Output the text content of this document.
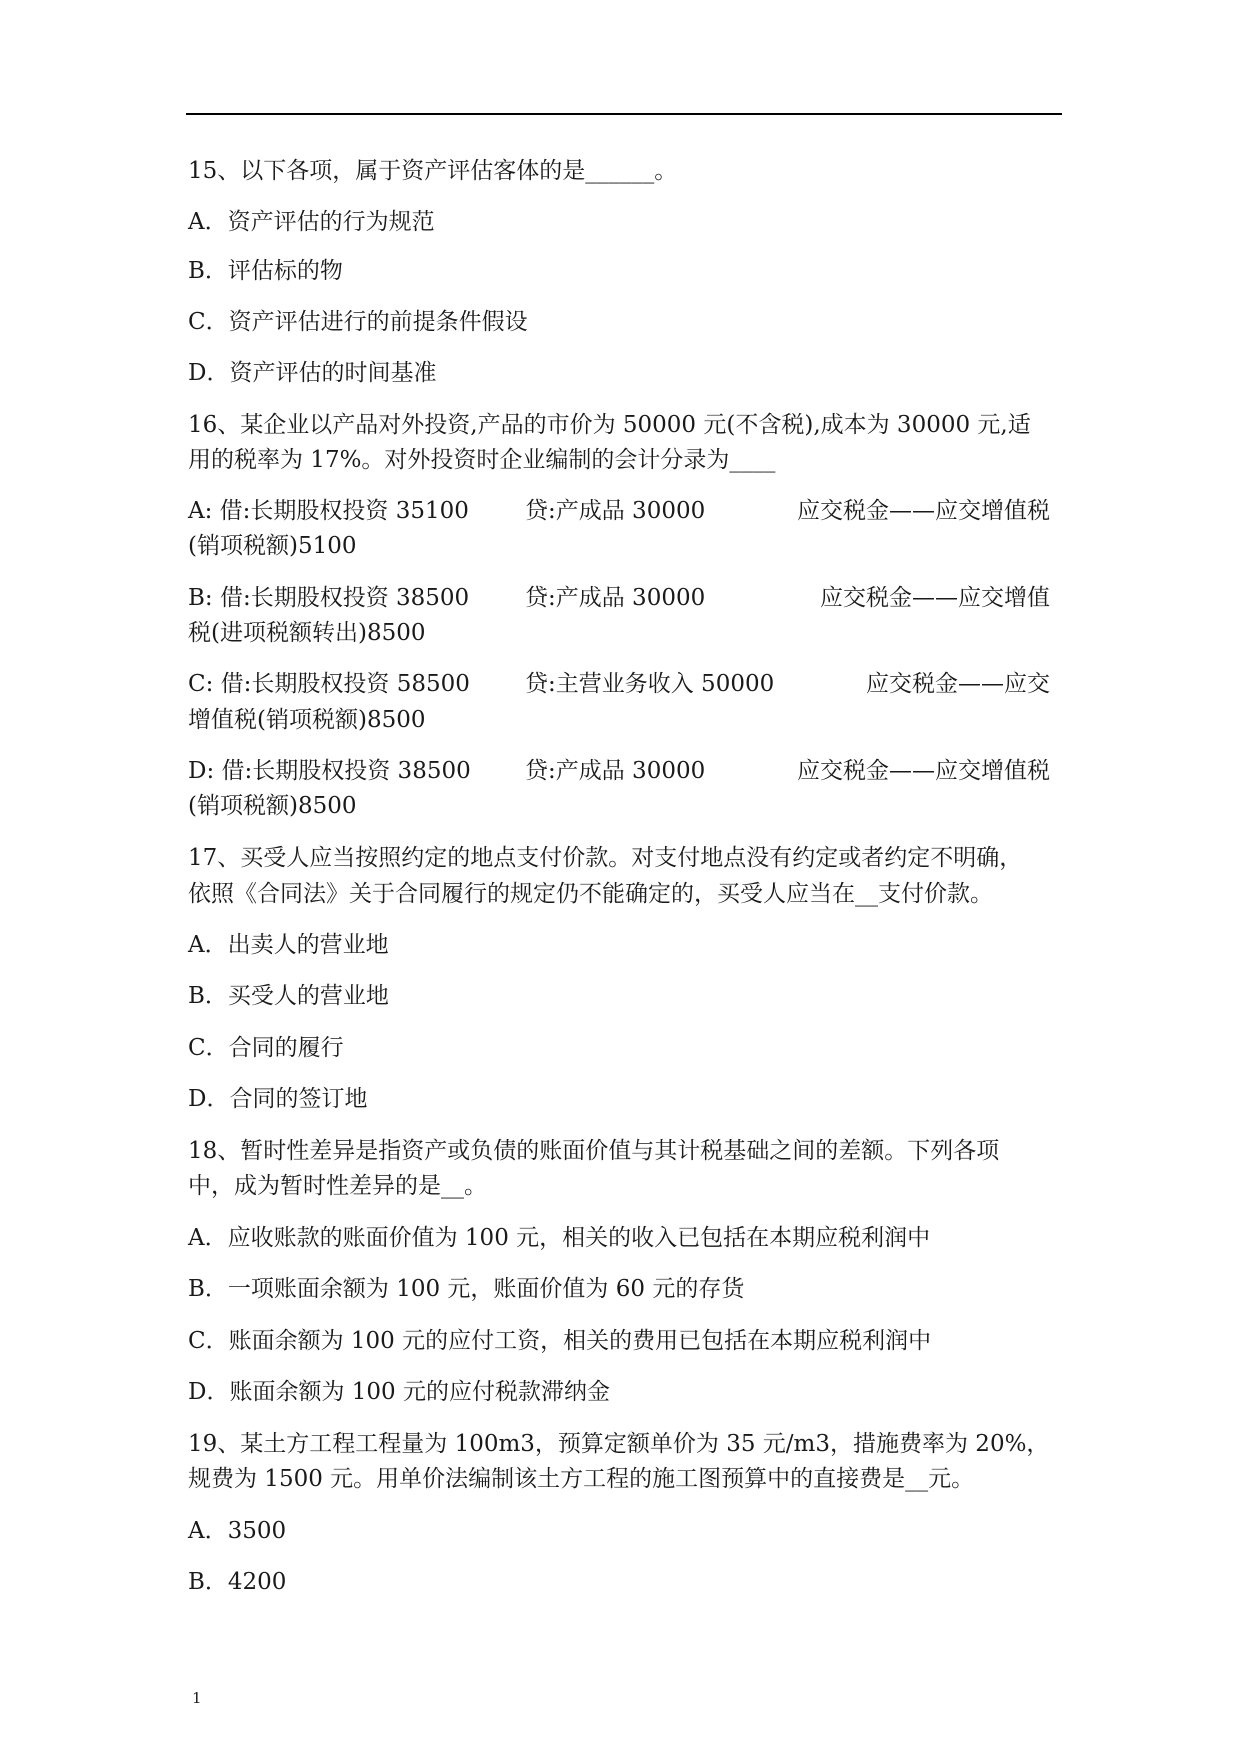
15、以下各项，属于资产评估客体的是______。
A．资产评估的行为规范
B．评估标的物
C．资产评估进行的前提条件假设
D．资产评估的时间基准
16、某企业以产品对外投资,产品的市价为 50000 元(不含税),成本为 30000 元,适
用的税率为 17%。对外投资时企业编制的会计分录为____
A: 借:长期股权投资 35100 贷:产成品 30000	应交税金——应交增值税
(销项税额)5100
B: 借:长期股权投资 38500 贷:产成品 30000	应交税金——应交增值
税(进项税额转出)8500
C: 借:长期股权投资 58500 贷:主营业务收入 50000	应交税金——应交
增值税(销项税额)8500
D: 借:长期股权投资 38500 贷:产成品 30000	应交税金——应交增值税
(销项税额)8500
17、买受人应当按照约定的地点支付价款。对支付地点没有约定或者约定不明确，
依照《合同法》关于合同履行的规定仍不能确定的，买受人应当在__支付价款。
A．出卖人的营业地
B．买受人的营业地
C．合同的履行
D．合同的签订地
18、暂时性差异是指资产或负债的账面价值与其计税基础之间的差额。下列各项
中，成为暂时性差异的是__。
A．应收账款的账面价值为 100 元，相关的收入已包括在本期应税利润中
B．一项账面余额为 100 元，账面价值为 60 元的存货
C．账面余额为 100 元的应付工资，相关的费用已包括在本期应税利润中
D．账面余额为 100 元的应付税款滞纳金
19、某土方工程工程量为 100m3，预算定额单价为 35 元/m3，措施费率为 20%，
规费为 1500 元。用单价法编制该土方工程的施工图预算中的直接费是__元。
A．3500
B．4200
1
